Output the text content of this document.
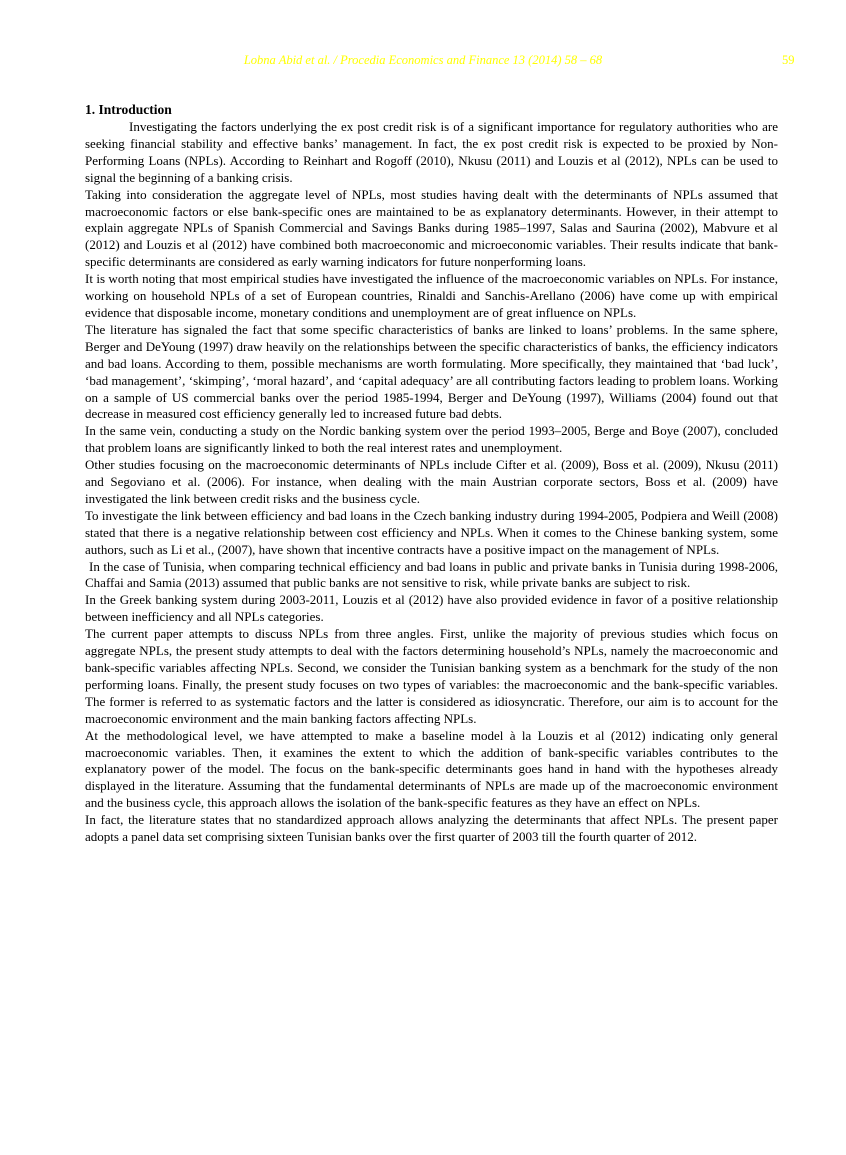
Lobna Abid et al. / Procedia Economics and Finance 13 (2014) 58 – 68	59
1. Introduction

Investigating the factors underlying the ex post credit risk is of a significant importance for regulatory authorities who are seeking financial stability and effective banks’ management. In fact, the ex post credit risk is expected to be proxied by Non-Performing Loans (NPLs). According to Reinhart and Rogoff (2010), Nkusu (2011) and Louzis et al (2012), NPLs can be used to signal the beginning of a banking crisis.

Taking into consideration the aggregate level of NPLs, most studies having dealt with the determinants of NPLs assumed that macroeconomic factors or else bank-specific ones are maintained to be as explanatory determinants. However, in their attempt to explain aggregate NPLs of Spanish Commercial and Savings Banks during 1985–1997, Salas and Saurina (2002), Mabvure et al (2012) and Louzis et al (2012) have combined both macroeconomic and microeconomic variables. Their results indicate that bank-specific determinants are considered as early warning indicators for future nonperforming loans.

It is worth noting that most empirical studies have investigated the influence of the macroeconomic variables on NPLs. For instance, working on household NPLs of a set of European countries, Rinaldi and Sanchis-Arellano (2006) have come up with empirical evidence that disposable income, monetary conditions and unemployment are of great influence on NPLs.

The literature has signaled the fact that some specific characteristics of banks are linked to loans’ problems. In the same sphere, Berger and DeYoung (1997) draw heavily on the relationships between the specific characteristics of banks, the efficiency indicators and bad loans. According to them, possible mechanisms are worth formulating. More specifically, they maintained that ‘bad luck’, ‘bad management’, ‘skimping’, ‘moral hazard’, and ‘capital adequacy’ are all contributing factors leading to problem loans. Working on a sample of US commercial banks over the period 1985-1994, Berger and DeYoung (1997), Williams (2004) found out that decrease in measured cost efficiency generally led to increased future bad debts.

In the same vein, conducting a study on the Nordic banking system over the period 1993–2005, Berge and Boye (2007), concluded that problem loans are significantly linked to both the real interest rates and unemployment.

Other studies focusing on the macroeconomic determinants of NPLs include Cifter et al. (2009), Boss et al. (2009), Nkusu (2011) and Segoviano et al. (2006). For instance, when dealing with the main Austrian corporate sectors, Boss et al. (2009) have investigated the link between credit risks and the business cycle.

To investigate the link between efficiency and bad loans in the Czech banking industry during 1994-2005, Podpiera and Weill (2008) stated that there is a negative relationship between cost efficiency and NPLs. When it comes to the Chinese banking system, some authors, such as Li et al., (2007), have shown that incentive contracts have a positive impact on the management of NPLs.

In the case of Tunisia, when comparing technical efficiency and bad loans in public and private banks in Tunisia during 1998-2006, Chaffai and Samia (2013) assumed that public banks are not sensitive to risk, while private banks are subject to risk.

In the Greek banking system during 2003-2011, Louzis et al (2012) have also provided evidence in favor of a positive relationship between inefficiency and all NPLs categories.

The current paper attempts to discuss NPLs from three angles. First, unlike the majority of previous studies which focus on aggregate NPLs, the present study attempts to deal with the factors determining household’s NPLs, namely the macroeconomic and bank-specific variables affecting NPLs. Second, we consider the Tunisian banking system as a benchmark for the study of the non performing loans. Finally, the present study focuses on two types of variables: the macroeconomic and the bank-specific variables. The former is referred to as systematic factors and the latter is considered as idiosyncratic. Therefore, our aim is to account for the macroeconomic environment and the main banking factors affecting NPLs.

At the methodological level, we have attempted to make a baseline model à la Louzis et al (2012) indicating only general macroeconomic variables. Then, it examines the extent to which the addition of bank-specific variables contributes to the explanatory power of the model. The focus on the bank-specific determinants goes hand in hand with the hypotheses already displayed in the literature. Assuming that the fundamental determinants of NPLs are made up of the macroeconomic environment and the business cycle, this approach allows the isolation of the bank-specific features as they have an effect on NPLs.

In fact, the literature states that no standardized approach allows analyzing the determinants that affect NPLs. The present paper adopts a panel data set comprising sixteen Tunisian banks over the first quarter of 2003 till the fourth quarter of 2012.
